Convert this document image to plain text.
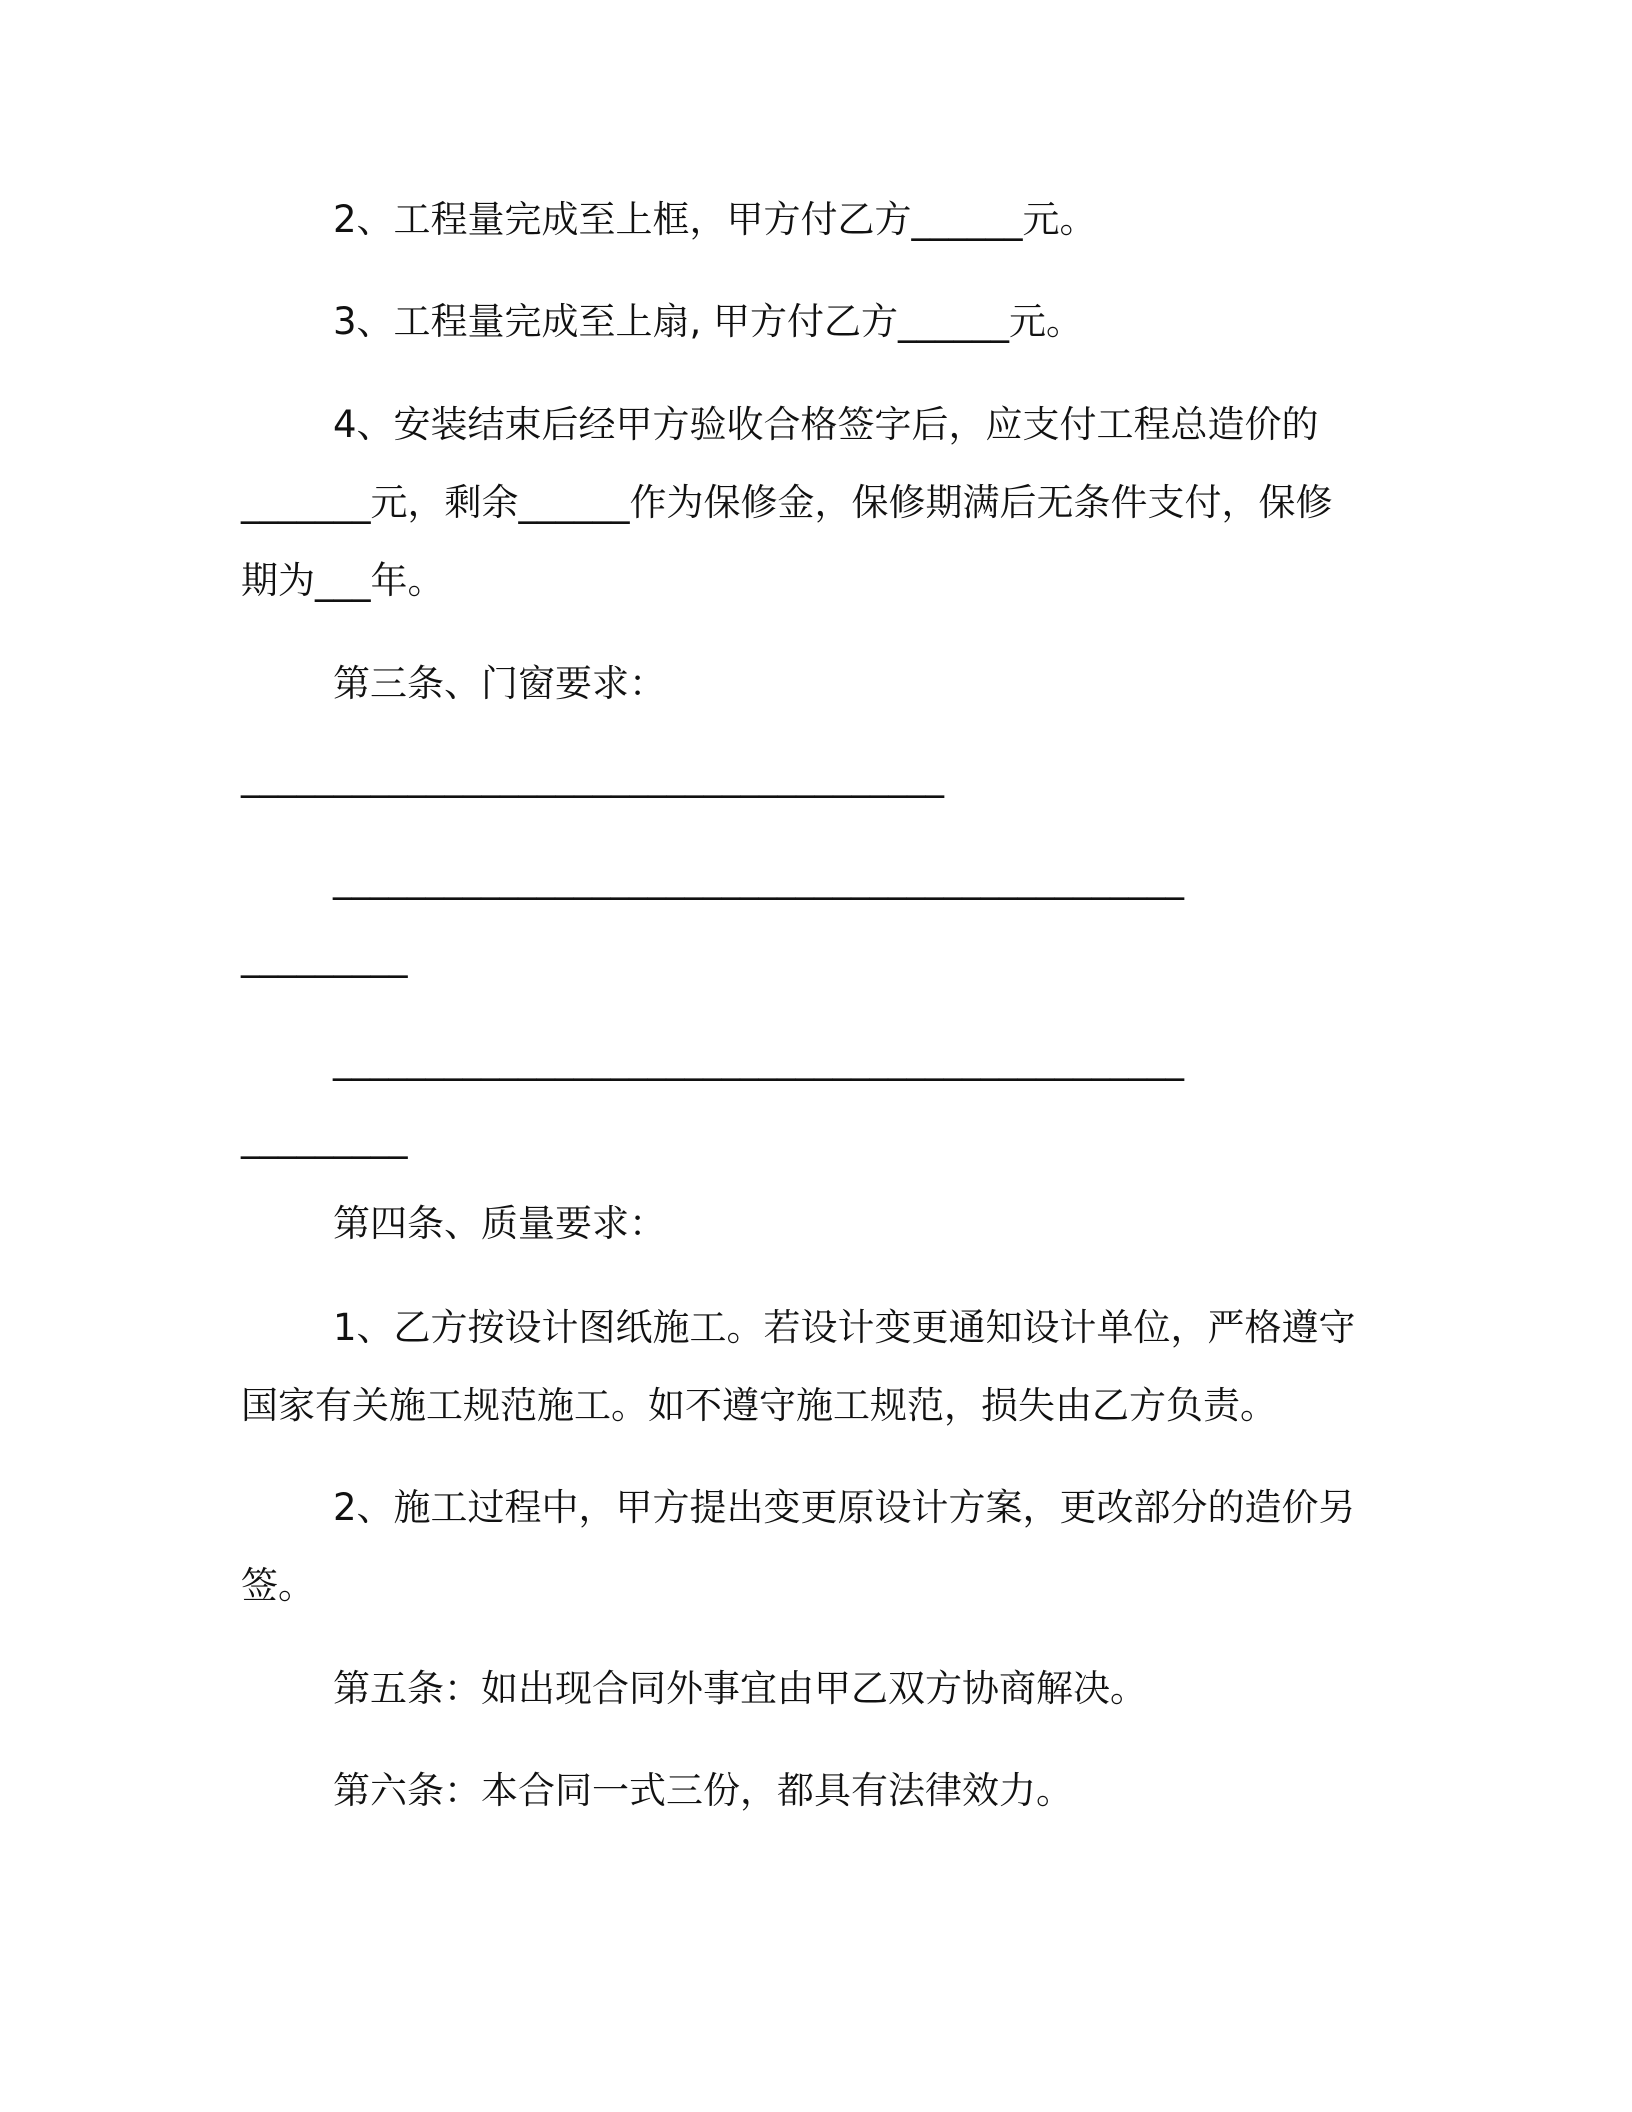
2、工程量完成至上框，甲方付乙方______元。
3、工程量完成至上扇, 甲方付乙方______元。
4、安装结束后经甲方验收合格签字后，应支付工程总造价的
_______元，剩余______作为保修金，保修期满后无条件支付，保修
期为___年。
第三条、门窗要求：
______________________________________
______________________________________________
_________
______________________________________________
_________
第四条、质量要求：
1、乙方按设计图纸施工。若设计变更通知设计单位，严格遵守
国家有关施工规范施工。如不遵守施工规范，损失由乙方负责。
2、施工过程中，甲方提出变更原设计方案，更改部分的造价另
签。
第五条：如出现合同外事宜由甲乙双方协商解决。
第六条：本合同一式三份，都具有法律效力。
